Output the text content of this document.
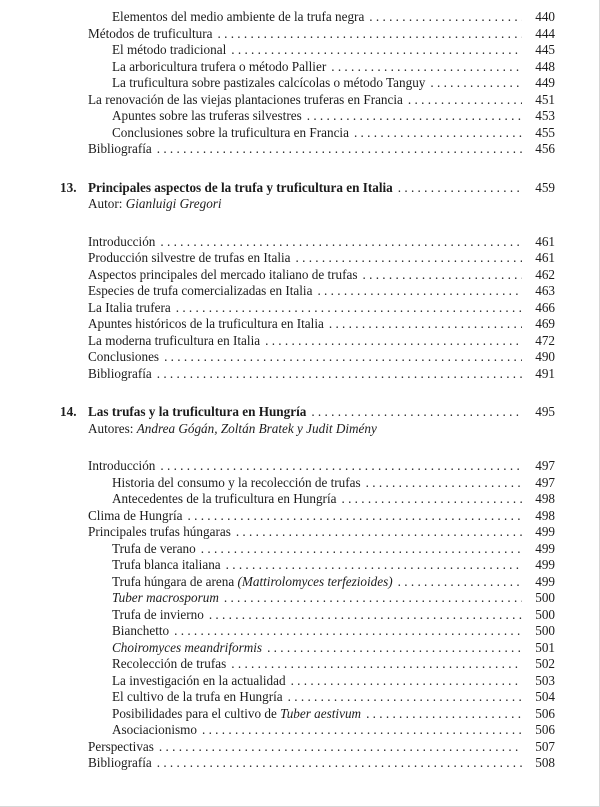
Elementos del medio ambiente de la trufa negra . . .	440
Métodos de truficultura . . .	444
El método tradicional . . .	445
La arboricultura trufera o método Pallier . . .	448
La truficultura sobre pastizales calcícolas o método Tanguy . . .	449
La renovación de las viejas plantaciones truferas en Francia . . .	451
Apuntes sobre las truferas silvestres . . .	453
Conclusiones sobre la truficultura en Francia . . .	455
Bibliografía . . .	456
13. Principales aspectos de la trufa y truficultura en Italia . . .	459
Autor: Gianluigi Gregori
Introducción . . .	461
Producción silvestre de trufas en Italia . . .	461
Aspectos principales del mercado italiano de trufas . . .	462
Especies de trufa comercializadas en Italia . . .	463
La Italia trufera . . .	466
Apuntes históricos de la truficultura en Italia . . .	469
La moderna truficultura en Italia . . .	472
Conclusiones . . .	490
Bibliografía . . .	491
14. Las trufas y la truficultura en Hungría . . .	495
Autores: Andrea Gógán, Zoltán Bratek y Judit Dimény
Introducción . . .	497
Historia del consumo y la recolección de trufas . . .	497
Antecedentes de la truficultura en Hungría . . .	498
Clima de Hungría . . .	498
Principales trufas húngaras . . .	499
Trufa de verano . . .	499
Trufa blanca italiana . . .	499
Trufa húngara de arena (Mattirolomyces terfezioides) . . .	499
Tuber macrosporum . . .	500
Trufa de invierno . . .	500
Bianchetto . . .	500
Choiromyces meandriformis . . .	501
Recolección de trufas . . .	502
La investigación en la actualidad . . .	503
El cultivo de la trufa en Hungría . . .	504
Posibilidades para el cultivo de Tuber aestivum . . .	506
Asociacionismo . . .	506
Perspectivas . . .	507
Bibliografía . . .	508
